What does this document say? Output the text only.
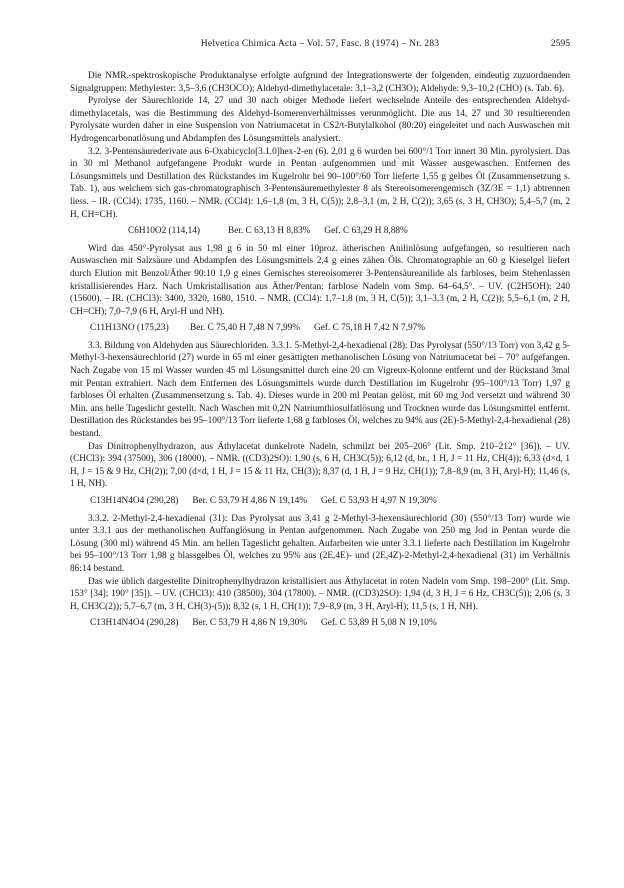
Helvetica Chimica Acta – Vol. 57, Fasc. 8 (1974) – Nr. 283	2595

Die NMR.-spektroskopische Produktanalyse erfolgte aufgrund der Integrationswerte der folgenden, eindeutig zuzuordnenden Signalgruppen: Methylester: 3,5–3,6 (CH3OCO); Aldehyd-dimethylacetale: 3,1–3,2 (CH3O); Aldehyde: 9,3–10,2 (CHO) (s. Tab. 6).

Pyrolyse der Säurechloride 14, 27 und 30 nach obiger Methode liefert wechselnde Anteile des entsprechenden Aldehyd-dimethylacetals, was die Bestimmung des Aldehyd-Isomerenverhältnisses verunmöglicht. Die aus 14, 27 und 30 resultierenden Pyrolysate wurden daher in eine Suspension von Natriumacetat in CS2/t-Butylalkohol (80:20) eingeleitet und nach Auswaschen mit Hydrogencarbonatlösung und Abdampfen des Lösungsmittels analysiert.

3.2. 3-Pentensäurederivate aus 6-Oxabicyclo[3.1.0]hex-2-en (6). 2,01 g 6 wurden bei 600°/1 Torr innert 30 Min. pyrolysiert. Das in 30 ml Methanol aufgefangene Produkt wurde in Pentan aufgenommen und mit Wasser ausgewaschen. Entfernen des Lösungsmittels und Destillation des Rückstandes im Kugelrohr bei 90–100°/60 Torr lieferte 1,55 g gelbes Öl (Zusammensetzung s. Tab. 1), aus welchem sich gas-chromatographisch 3-Pentensäuremethylester 8 als Stereoisomerengemisch (3Z/3E = 1,1) abtrennen liess. – IR. (CCl4): 1735, 1160. – NMR. (CCl4): 1,6–1,8 (m, 3 H, C(5)); 2,8–3,1 (m, 2 H, C(2)); 3,65 (s, 3 H, CH3O); 5,4–5,7 (m, 2 H, CH=CH).

C6H10O2 (114,14)	Ber. C 63,13 H 8,83% Gef. C 63,29 H 8,88%

Wird das 450°-Pyrolysat aus 1,98 g 6 in 50 ml einer 10proz. ätherischen Anilinlösung aufgefangen, so resultieren nach Auswaschen mit Salzsäure und Abdampfen des Lösungsmittels 2,4 g eines zähen Öls. Chromatographie an 60 g Kieselgel liefert durch Elution mit Benzol/Äther 90:10 1,9 g eines Gemisches stereoisomerer 3-Pentensäureanilide als farbloses, beim Stehenlassen kristallisierendes Harz. Nach Umkristallisation aus Äther/Pentan: farblose Nadeln vom Smp. 64–64,5°. – UV. (C2H5OH): 240 (15600). – IR. (CHCl3): 3400, 3320, 1680, 1510. – NMR. (CCl4): 1,7–1,8 (m, 3 H, C(5)); 3,1–3,3 (m, 2 H, C(2)); 5,5–6,1 (m, 2 H, CH=CH); 7,0–7,9 (6 H, Aryl-H und NH).

C11H13NO (175,23)	Ber. C 75,40 H 7,48 N 7,99% Gef. C 75,18 H 7,42 N 7,97%

3.3. Bildung von Aldehyden aus Säurechloriden. 3.3.1. 5-Methyl-2,4-hexadienal (28): Das Pyrolysat (550°/13 Torr) von 3,42 g 5-Methyl-3-hexensäurechlorid (27) wurde in 65 ml einer gesättigten methanolischen Lösung von Natriumacetat bei – 70° aufgefangen. Nach Zugabe von 15 ml Wasser wurden 45 ml Lösungsmittel durch eine 20 cm Vigreux-Kolonne entfernt und der Rückstand 3mal mit Pentan extrahiert. Nach dem Entfernen des Lösungsmittels wurde durch Destillation im Kugelrohr (95–100°/13 Torr) 1,97 g farbloses Öl erhalten (Zusammensetzung s. Tab. 4). Dieses wurde in 200 ml Pentan gelöst, mit 60 mg Jod versetzt und während 30 Min. ans helle Tageslicht gestellt. Nach Waschen mit 0,2N Natriumthiosulfatlösung und Trocknen wurde das Lösungsmittel entfernt. Destillation des Rückstandes bei 95–100°/13 Torr lieferte 1,68 g farbloses Öl, welches zu 94% aus (2E)-5-Methyl-2,4-hexadienal (28) bestand.

Das Dinitrophenylhydrazon, aus Äthylacetat dunkelrote Nadeln, schmilzt bei 205–206° (Lit. Smp. 210–212° [36]). – UV. (CHCl3): 394 (37500), 306 (18000). – NMR. ((CD3)2SO): 1,90 (s, 6 H, CH3C(5)); 6,12 (d, br., 1 H, J = 11 Hz, CH(4)); 6,33 (d×d, 1 H, J = 15 & 9 Hz, CH(2)); 7,00 (d×d, 1 H, J = 15 & 11 Hz, CH(3)); 8,37 (d, 1 H, J = 9 Hz, CH(1)); 7,8–8,9 (m, 3 H, Aryl-H); 11,46 (s, 1 H, NH).

C13H14N4O4 (290,28) Ber. C 53,79 H 4,86 N 19,14% Gef. C 53,93 H 4,97 N 19,30%

3.3.2. 2-Methyl-2,4-hexadienal (31): Das Pyrolysat aus 3,41 g 2-Methyl-3-hexensäurechlorid (30) (550°/13 Torr) wurde wie unter 3.3.1 aus der methanolischen Auffanglösung in Pentan aufgenommen. Nach Zugabe von 250 mg Jod in Pentan wurde die Lösung (300 ml) während 45 Min. am hellen Tageslicht gehalten. Aufarbeiten wie unter 3.3.1 lieferte nach Destillation im Kugelrohr bei 95–100°/13 Torr 1,98 g blassgelbes Öl, welches zu 95% aus (2E,4E)- und (2E,4Z)-2-Methyl-2,4-hexadienal (31) im Verhältnis 86:14 bestand.

Das wie üblich dargestellte Dinitrophenylhydrazon kristallisiert aus Äthylacetat in roten Nadeln vom Smp. 198–200° (Lit. Smp. 153° [34]; 190° [35]). – UV. (CHCl3): 410 (38500), 304 (17800). – NMR. ((CD3)2SO): 1,94 (d, 3 H, J = 6 Hz, CH3C(5)); 2,06 (s, 3 H, CH3C(2)); 5,7–6,7 (m, 3 H, CH(3)-(5)); 8,32 (s, 1 H, CH(1)); 7,9–8,9 (m, 3 H, Aryl-H); 11,5 (s, 1 H, NH).

C13H14N4O4 (290,28) Ber. C 53,79 H 4,86 N 19,30% Gef. C 53,89 H 5,08 N 19,10%
